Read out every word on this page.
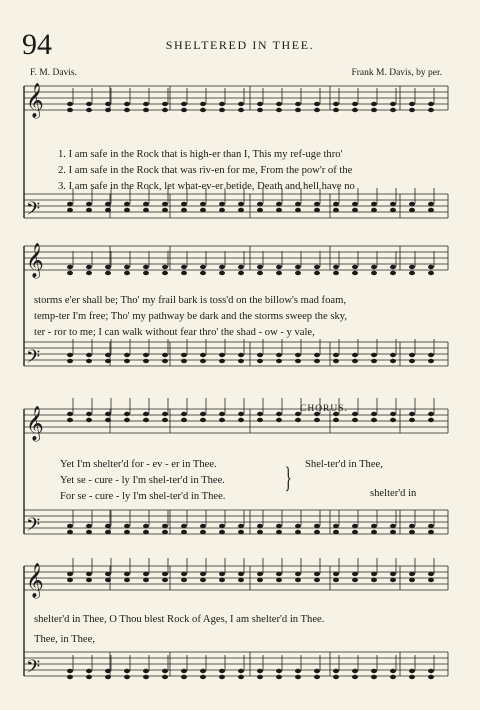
94	SHELTERED IN THEE.
F. M. Davis.	Frank M. Davis, by per.
𝄞
𝄢
𝄞
𝄢
𝄞
𝄢
𝄞
𝄢
1. I am safe in the Rock that is high-er than I, This my ref-uge thro'
2. I am safe in the Rock that was riv-en for me, From the pow'r of the
3. I am safe in the Rock, let what-ev-er betide, Death and hell have no
storms e'er shall be; Tho' my frail bark is toss'd on the billow's mad foam,
temp-ter I'm free; Tho' my pathway be dark and the storms sweep the sky,
ter - ror to me; I can walk without fear thro' the shad - ow - y vale,
CHORUS.
Yet I'm shelter'd for - ev - er in Thee.
Yet se - cure - ly I'm shel-ter'd in Thee.
For se - cure - ly I'm shel-ter'd in Thee.
} Shel-ter'd in Thee,
shelter'd in
shelter'd in Thee, O Thou blest Rock of Ages, I am shelter'd in Thee.
Thee, in Thee,
